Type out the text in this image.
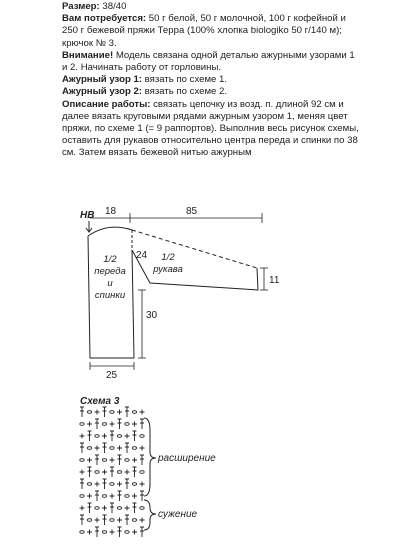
Размер: 38/40

Вам потребуется: 50 г белой, 50 г молочной, 100 г кофейной и 250 г бежевой пряжи Терра (100% хлопка biologiko 50 г/140 м); крючок № 3.

Внимание! Модель связана одной деталью ажурными узорами 1 и 2. Начинать работу от горловины.

Ажурный узор 1: вязать по схеме 1.

Ажурный узор 2: вязать по схеме 2.

Описание работы: связать цепочку из возд. п. длиной 92 см и далее вязать круговыми рядами ажурным узором 1, меняя цвет пряжи, по схеме 1 (= 9 раппортов). Выполнив весь рисунок схемы, оставить для рукавов относительно центра переда и спинки по 38 см. Затем вязать бежевой нитью ажурным

НВ 18	85
11
24
30
25
1/2
переда
и
спинки
1/2
рукава
Схема 3
расширение
сужение
